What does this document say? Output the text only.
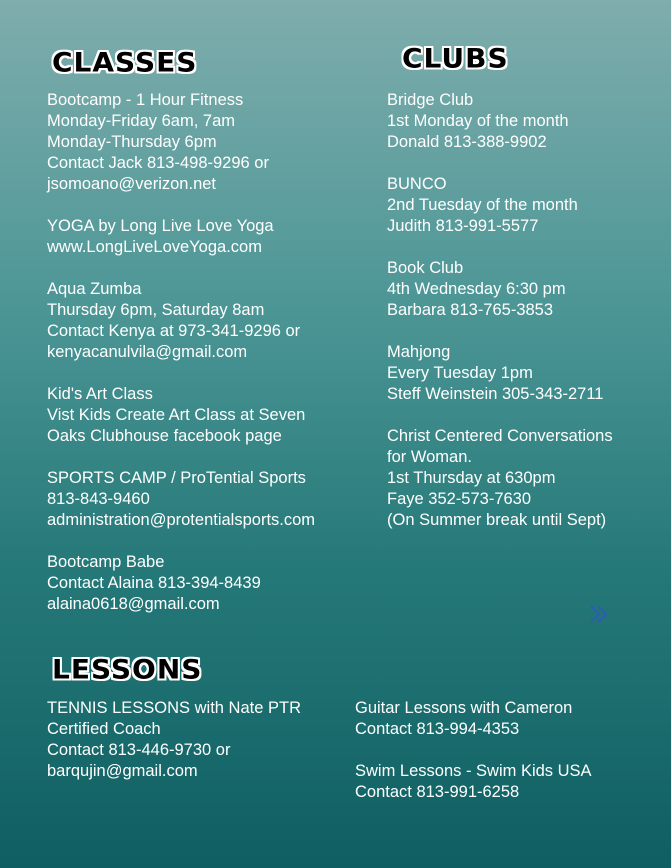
CLASSES	CLUBS
LESSONS
Bootcamp - 1 Hour Fitness
Monday-Friday 6am, 7am
Monday-Thursday 6pm
Contact Jack 813-498-9296 or
jsomoano@verizon.net
YOGA by Long Live Love Yoga
www.LongLiveLoveYoga.com
Aqua Zumba
Thursday 6pm, Saturday 8am
Contact Kenya at 973-341-9296 or
kenyacanulvila@gmail.com
Kid's Art Class
Vist Kids Create Art Class at Seven
Oaks Clubhouse facebook page
SPORTS CAMP / ProTential Sports
813-843-9460
administration@protentialsports.com
Bootcamp Babe
Contact Alaina 813-394-8439
alaina0618@gmail.com
Bridge Club
1st Monday of the month
Donald 813-388-9902
BUNCO
2nd Tuesday of the month
Judith 813-991-5577
Book Club
4th Wednesday 6:30 pm
Barbara 813-765-3853
Mahjong
Every Tuesday 1pm
Steff Weinstein 305-343-2711
Christ Centered Conversations
for Woman.
1st Thursday at 630pm
Faye 352-573-7630
(On Summer break until Sept)
TENNIS LESSONS with Nate PTR
Certified Coach
Contact 813-446-9730 or
barqujin@gmail.com
Guitar Lessons with Cameron
Contact 813-994-4353
Swim Lessons - Swim Kids USA
Contact 813-991-6258
